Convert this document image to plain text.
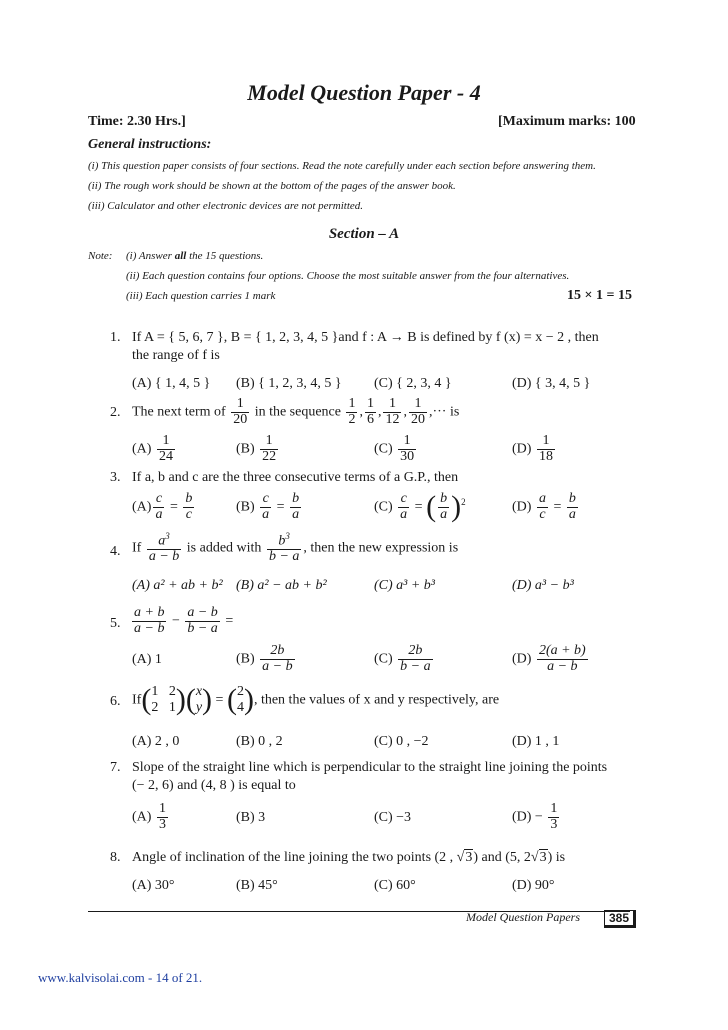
Model Question Paper - 4
Time: 2.30 Hrs.]	[Maximum marks: 100
General instructions:
(i) This question paper consists of four sections. Read the note carefully under each section before answering them.
(ii) The rough work should be shown at the bottom of the pages of the answer book.
(iii) Calculator and other electronic devices are not permitted.
Section – A
Note: (i) Answer all the 15 questions.
(ii) Each question contains four options. Choose the most suitable answer from the four alternatives.
(iii) Each question carries 1 mark	15 × 1 = 15
1. If A = { 5, 6, 7 }, B = { 1, 2, 3, 4, 5 }and f : A → B is defined by f (x) = x − 2 , then
the range of f is
(A) { 1, 4, 5 } (B) { 1, 2, 3, 4, 5 } (C) { 2, 3, 4 }	(D) { 3, 4, 5 }
2. The next term of $\frac{1}{20}$ in the sequence $\frac{1}{2}$ , $\frac{1}{6}$ , $\frac{1}{12}$ , $\frac{1}{20}$ ,··· is
$(A) \frac{1}{24}$	$(B) \frac{1}{22}$	$(C) \frac{1}{30}$	$(D) \frac{1}{18}$
3. If a, b and c are the three consecutive terms of a G.P., then
$(A) \frac{c}{a} = \frac{b}{c}$	$(B) \frac{c}{a} = \frac{b}{a}$	$(C) \frac{c}{a}$ = ( $\frac{b}{a} )^2$	$(D) \frac{a}{c} = \frac{b}{a}$
4. If $\frac{a^3}{a - b}$ is added with $\frac{b^3}{b - a}$ , then the new expression is
(A) a² + ab + b² (B) a² − ab + b²	(C) a³ + b³	(D) a³ − b³
5. $\frac{a + b}{a - b} - \frac{a - b}{b - a}$ =
(A) 1	$(B) \frac{2b}{a - b}$	$(C) \frac{2b}{b - a}$	$(D) \frac{2(a + b)}{a - b}$
6. If( 1   2
2   1 )( x
y ) = ( 2
4 ), then the values of x and y respectively, are
(A) 2 , 0	(B) 0 , 2	(C) 0 , −2	(D) 1 , 1
7. Slope of the straight line which is perpendicular to the straight line joining the points
(− 2, 6) and (4, 8 ) is equal to
$(A) \frac{1}{3}$	(B) 3	(C) −3	$(D) - \frac{1}{3}$
8. Angle of inclination of the line joining the two points (2 , √3) and (5, 2√3) is
(A) 30°	(B) 45°	(C) 60°	(D) 90°
Model Question Papers	385
www.kalvisolai.com - 14 of 21.
